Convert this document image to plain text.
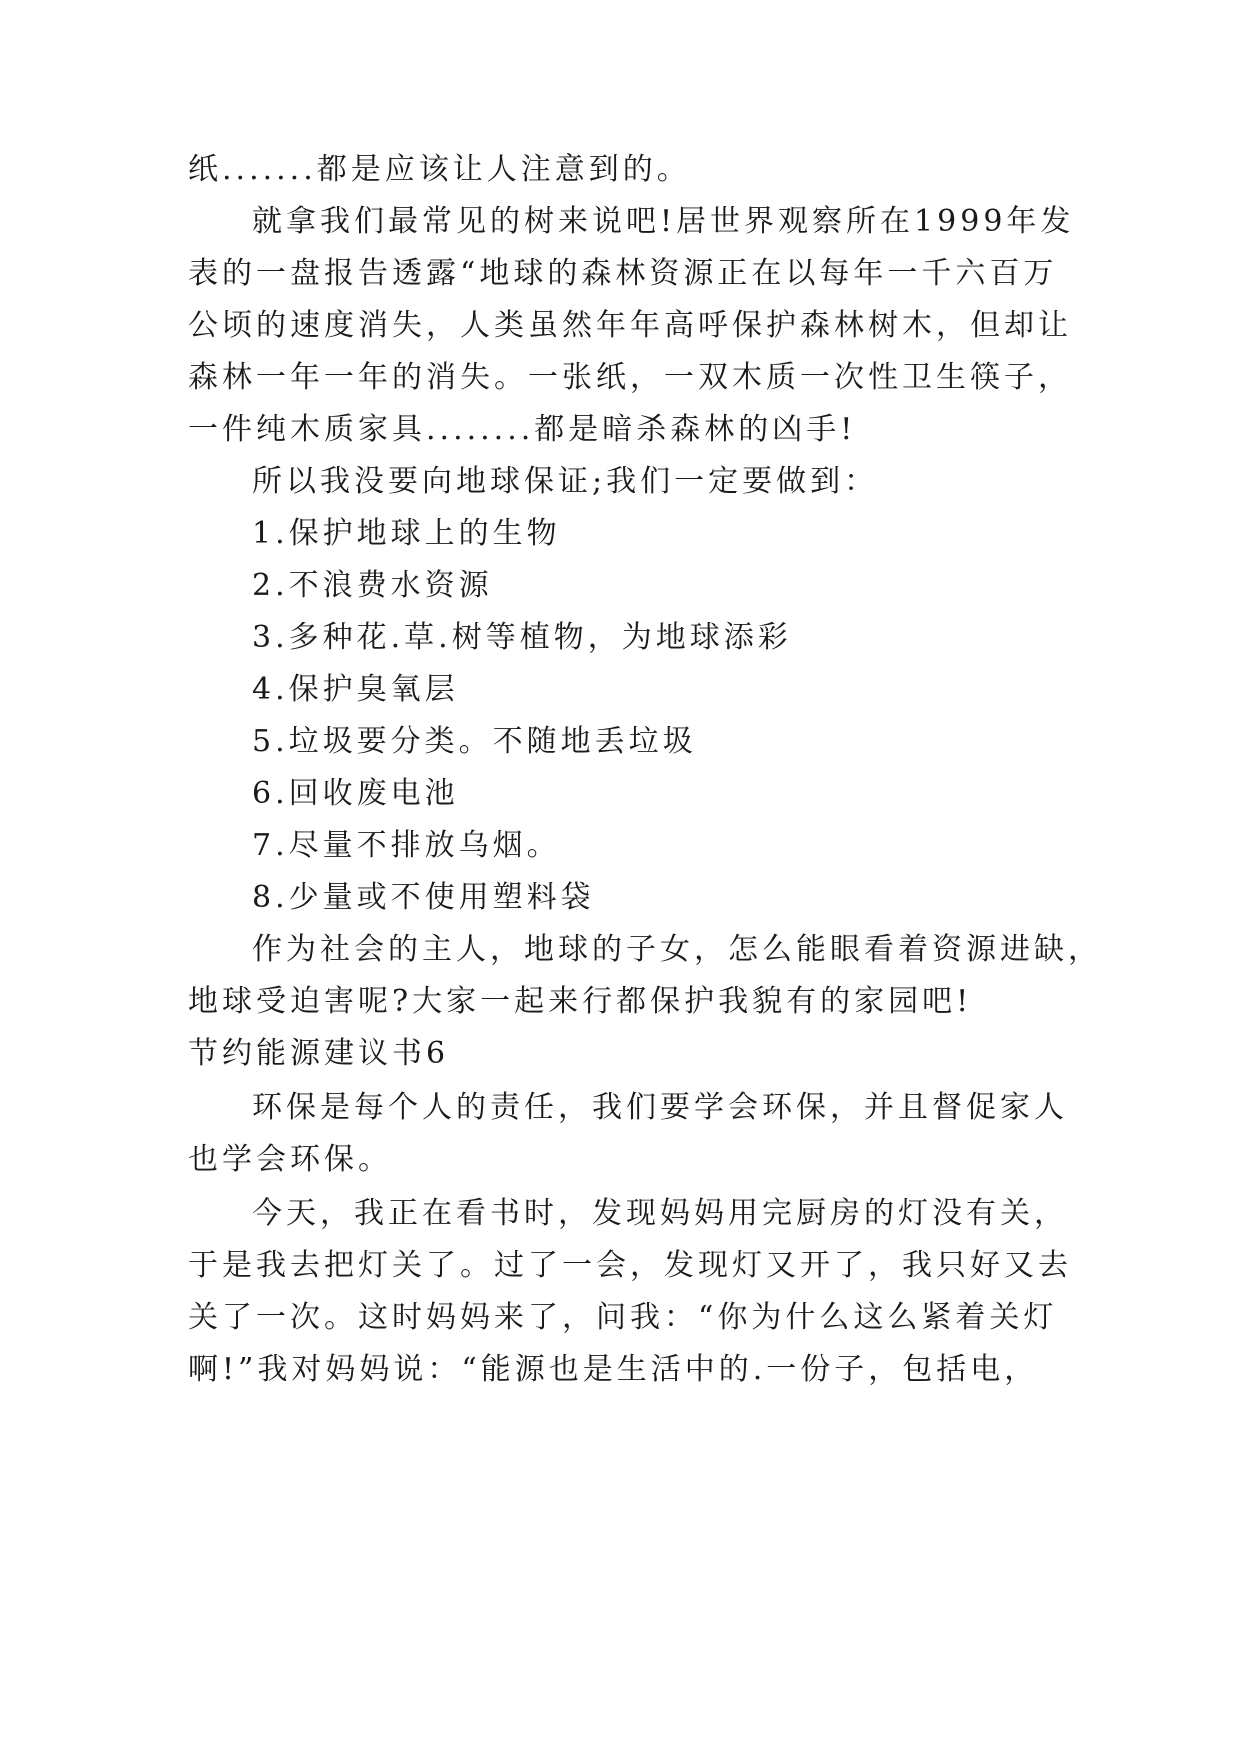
纸.......都是应该让人注意到的。
就拿我们最常见的树来说吧!居世界观察所在1999年发
表的一盘报告透露“地球的森林资源正在以每年一千六百万
公顷的速度消失，人类虽然年年高呼保护森林树木，但却让
森林一年一年的消失。一张纸，一双木质一次性卫生筷子，
一件纯木质家具........都是暗杀森林的凶手!
所以我没要向地球保证;我们一定要做到：
1.保护地球上的生物
2.不浪费水资源
3.多种花.草.树等植物，为地球添彩
4.保护臭氧层
5.垃圾要分类。不随地丢垃圾
6.回收废电池
7.尽量不排放乌烟。
8.少量或不使用塑料袋
作为社会的主人，地球的子女，怎么能眼看着资源进缺，
地球受迫害呢?大家一起来行都保护我貌有的家园吧!
节约能源建议书6
环保是每个人的责任，我们要学会环保，并且督促家人
也学会环保。
今天，我正在看书时，发现妈妈用完厨房的灯没有关，
于是我去把灯关了。过了一会，发现灯又开了，我只好又去
关了一次。这时妈妈来了，问我：“你为什么这么紧着关灯
啊!”我对妈妈说：“能源也是生活中的.一份子，包括电，
